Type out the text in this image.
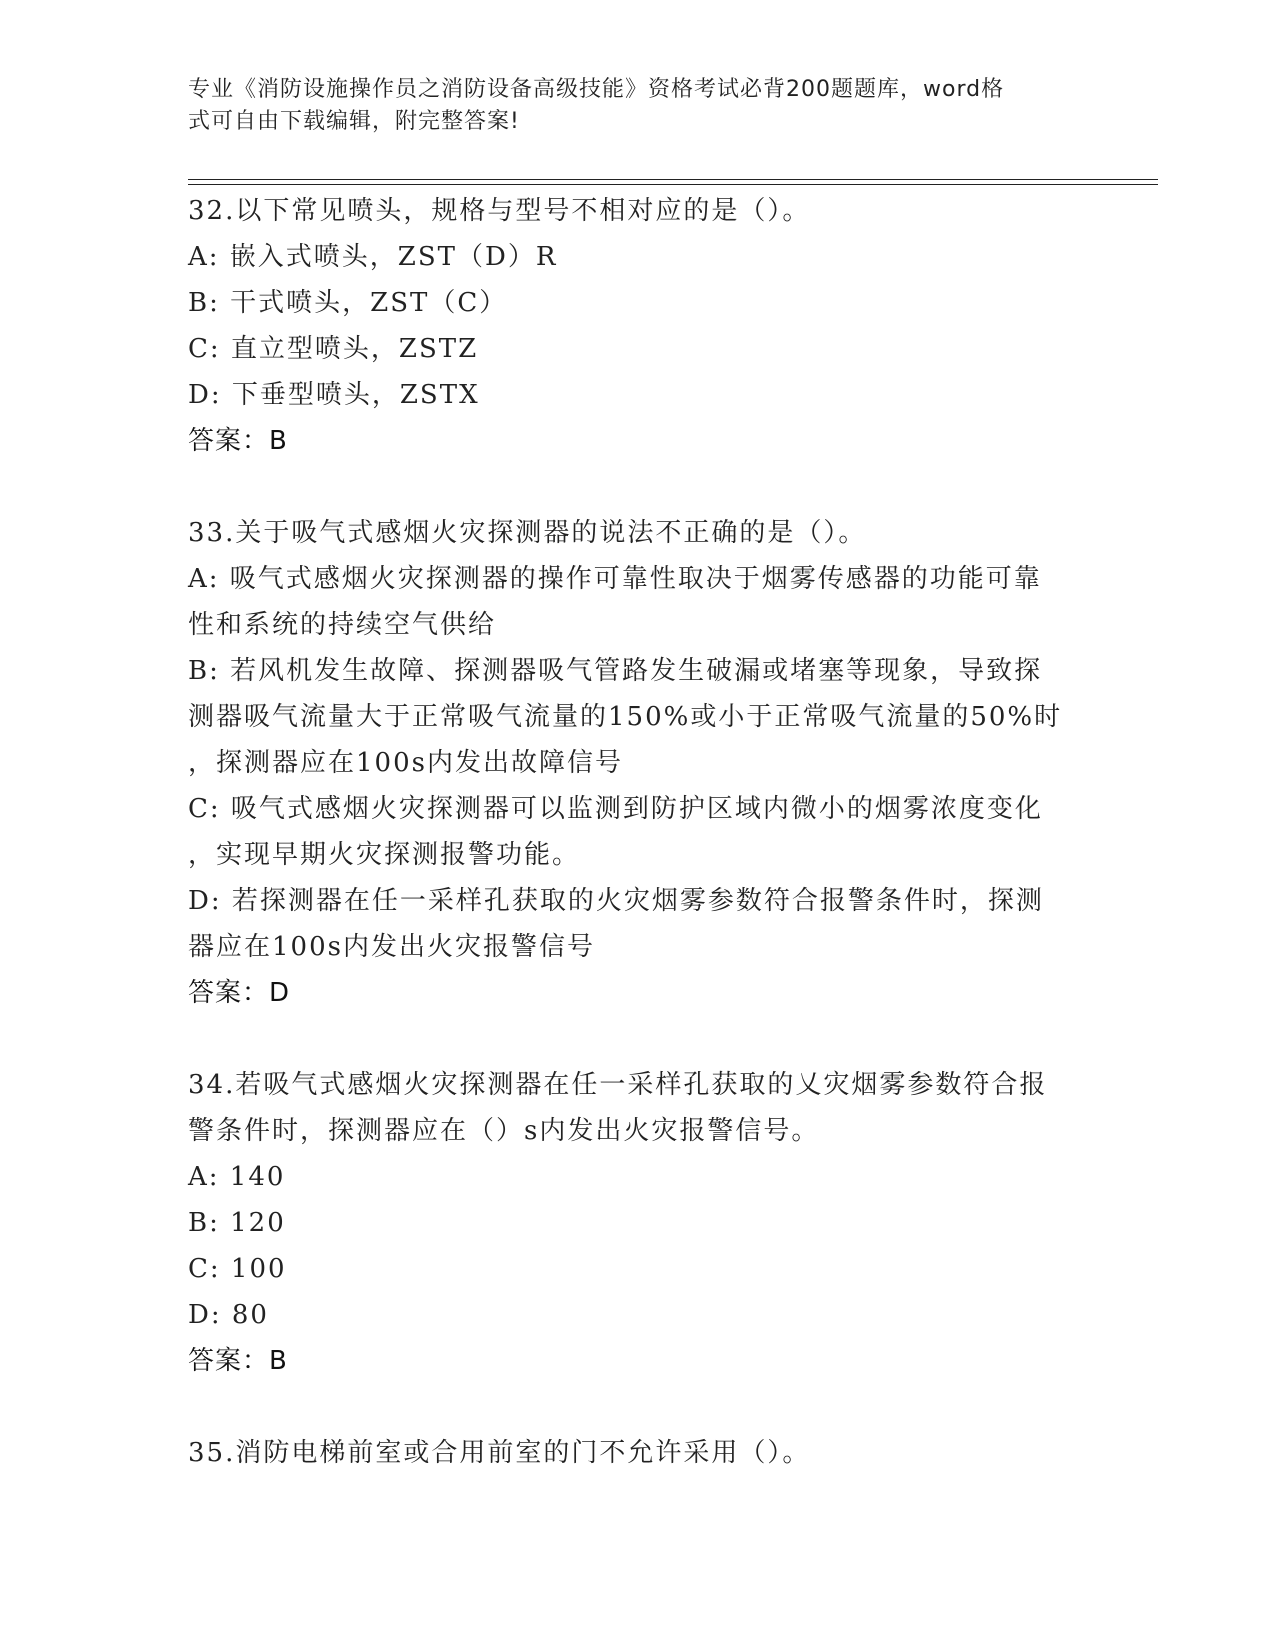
专业《消防设施操作员之消防设备高级技能》资格考试必背200题题库，word格
式可自由下载编辑，附完整答案!
32.以下常见喷头，规格与型号不相对应的是（）。
A: 嵌入式喷头，ZST（D）R
B: 干式喷头，ZST（C）
C: 直立型喷头，ZSTZ
D: 下垂型喷头，ZSTX
答案：B
33.关于吸气式感烟火灾探测器的说法不正确的是（）。
A: 吸气式感烟火灾探测器的操作可靠性取决于烟雾传感器的功能可靠
性和系统的持续空气供给
B: 若风机发生故障、探测器吸气管路发生破漏或堵塞等现象，导致探
测器吸气流量大于正常吸气流量的150%或小于正常吸气流量的50%时
，探测器应在100s内发出故障信号
C: 吸气式感烟火灾探测器可以监测到防护区域内微小的烟雾浓度变化
，实现早期火灾探测报警功能。
D: 若探测器在任一采样孔获取的火灾烟雾参数符合报警条件时，探测
器应在100s内发出火灾报警信号
答案：D
34.若吸气式感烟火灾探测器在任一采样孔获取的乂灾烟雾参数符合报
警条件时，探测器应在（）s内发出火灾报警信号。
A: 140
B: 120
C: 100
D: 80
答案：B
35.消防电梯前室或合用前室的门不允许采用（）。
